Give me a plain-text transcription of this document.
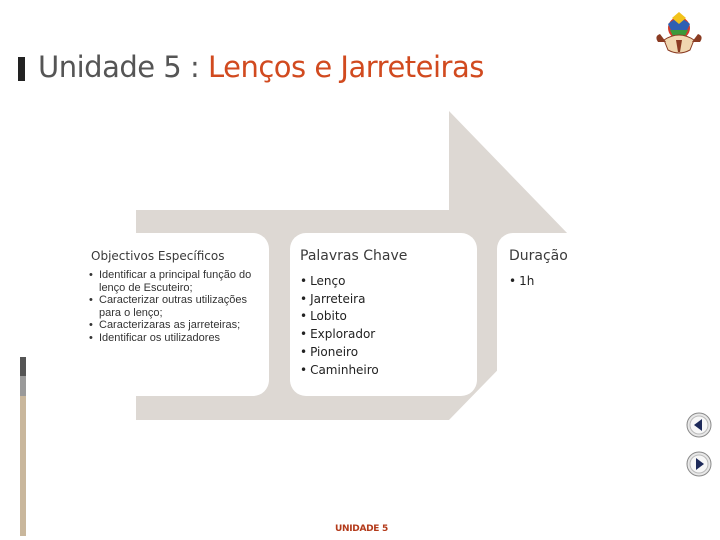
Unidade 5 : Lenços e Jarreteiras
Objectivos Específicos
• Identificar a principal função do lenço de Escuteiro;
• Caracterizar outras utilizações para o lenço;
• Caracterizaras as jarreteiras;
• Identificar os utilizadores
Palavras Chave
• Lenço
• Jarreteira
• Lobito
• Explorador
• Pioneiro
• Caminheiro
Duração
• 1h
UNIDADE 5
